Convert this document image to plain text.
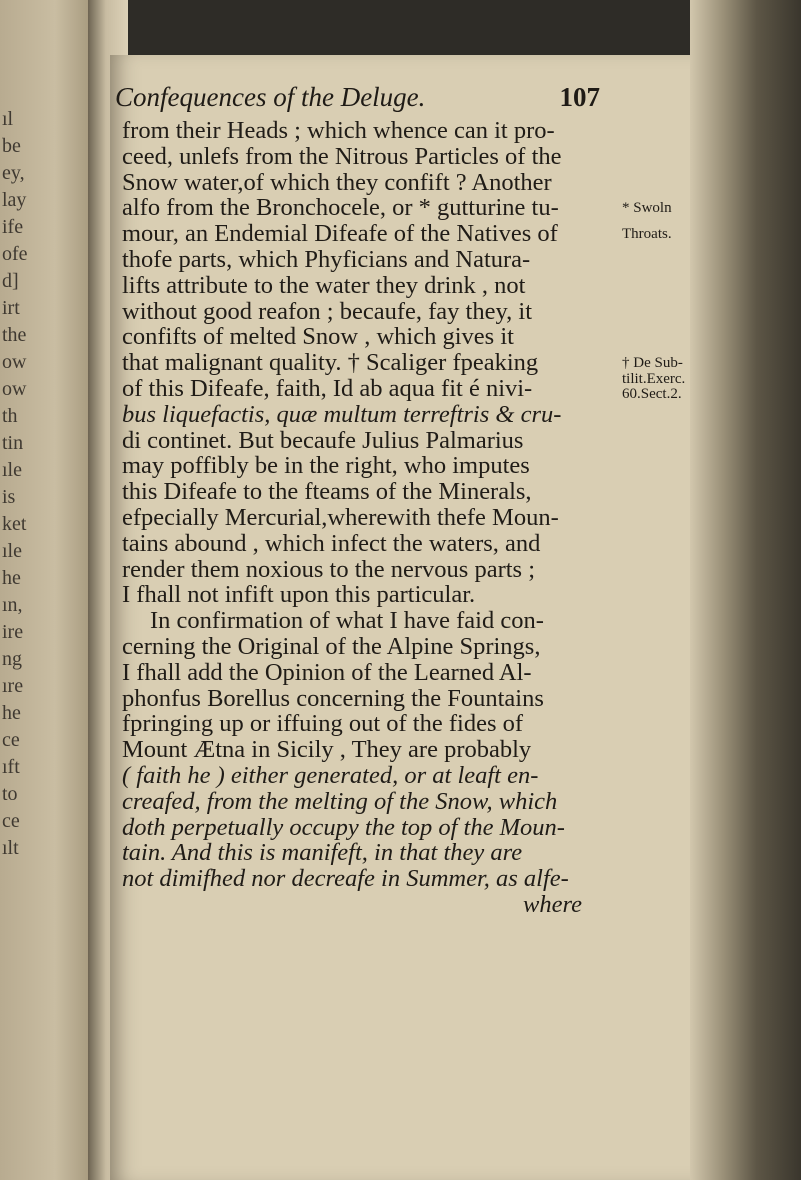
ıl
be
ey,
lay
ife
ofe
d]
irt
the
ow
ow
th
tin
ıle
is
ket
ıle
he
ın,
ire
ng
ıre
he
ce
ıft
to
ce
ılt
Confequences of the Deluge.	107
from their Heads ; which whence can it pro-
ceed, unlefs from the Nitrous Particles of the
Snow water,of which they confift ? Another
alfo from the Bronchocele, or * gutturine tu-
mour, an Endemial Difeafe of the Natives of
thofe parts, which Phyficians and Natura-
lifts attribute to the water they drink , not
without good reafon ; becaufe, fay they, it
confifts of melted Snow , which gives it
that malignant quality. † Scaliger fpeaking
of this Difeafe, faith, Id ab aqua fit é nivi-
bus liquefactis, quæ multum terreftris & cru-
di continet. But becaufe Julius Palmarius
may poffibly be in the right, who imputes
this Difeafe to the fteams of the Minerals,
efpecially Mercurial,wherewith thefe Moun-
tains abound , which infect the waters, and
render them noxious to the nervous parts ;
I fhall not infift upon this particular.
In confirmation of what I have faid con-
cerning the Original of the Alpine Springs,
I fhall add the Opinion of the Learned Al-
phonfus Borellus concerning the Fountains
fpringing up or iffuing out of the fides of
Mount Ætna in Sicily , They are probably
( faith he ) either generated, or at leaft en-
creafed, from the melting of the Snow, which
doth perpetually occupy the top of the Moun-
tain. And this is manifeft, in that they are
not dimifhed nor decreafe in Summer, as alfe-
where
* Swoln
Throats.
† De Sub-
tilit.Exerc.
60.Sect.2.
